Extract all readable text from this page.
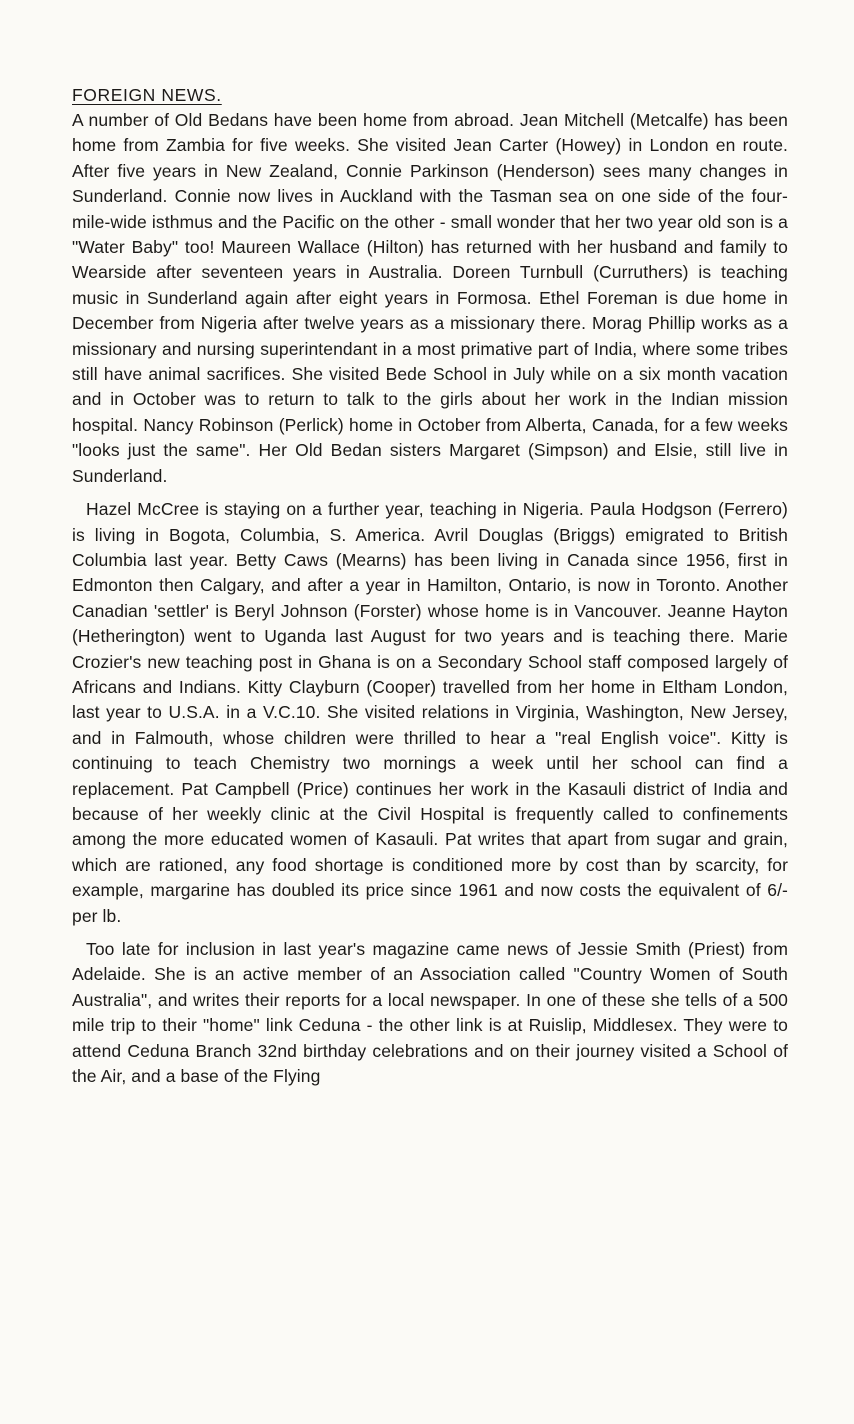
FOREIGN NEWS.

A number of Old Bedans have been home from abroad. Jean Mitchell (Metcalfe) has been home from Zambia for five weeks. She visited Jean Carter (Howey) in London en route. After five years in New Zealand, Connie Parkinson (Henderson) sees many changes in Sunderland. Connie now lives in Auckland with the Tasman sea on one side of the four-mile-wide isthmus and the Pacific on the other - small wonder that her two year old son is a "Water Baby" too! Maureen Wallace (Hilton) has returned with her husband and family to Wearside after seventeen years in Australia. Doreen Turnbull (Curruthers) is teaching music in Sunderland again after eight years in Formosa. Ethel Foreman is due home in December from Nigeria after twelve years as a missionary there. Morag Phillip works as a missionary and nursing superintendant in a most primative part of India, where some tribes still have animal sacrifices. She visited Bede School in July while on a six month vacation and in October was to return to talk to the girls about her work in the Indian mission hospital. Nancy Robinson (Perlick) home in October from Alberta, Canada, for a few weeks "looks just the same". Her Old Bedan sisters Margaret (Simpson) and Elsie, still live in Sunderland.

Hazel McCree is staying on a further year, teaching in Nigeria. Paula Hodgson (Ferrero) is living in Bogota, Columbia, S. America. Avril Douglas (Briggs) emigrated to British Columbia last year. Betty Caws (Mearns) has been living in Canada since 1956, first in Edmonton then Calgary, and after a year in Hamilton, Ontario, is now in Toronto. Another Canadian 'settler' is Beryl Johnson (Forster) whose home is in Vancouver. Jeanne Hayton (Hetherington) went to Uganda last August for two years and is teaching there. Marie Crozier's new teaching post in Ghana is on a Secondary School staff composed largely of Africans and Indians. Kitty Clayburn (Cooper) travelled from her home in Eltham London, last year to U.S.A. in a V.C.10. She visited relations in Virginia, Washington, New Jersey, and in Falmouth, whose children were thrilled to hear a "real English voice". Kitty is continuing to teach Chemistry two mornings a week until her school can find a replacement. Pat Campbell (Price) continues her work in the Kasauli district of India and because of her weekly clinic at the Civil Hospital is frequently called to confinements among the more educated women of Kasauli. Pat writes that apart from sugar and grain, which are rationed, any food shortage is conditioned more by cost than by scarcity, for example, margarine has doubled its price since 1961 and now costs the equivalent of 6/- per lb.

Too late for inclusion in last year's magazine came news of Jessie Smith (Priest) from Adelaide. She is an active member of an Association called "Country Women of South Australia", and writes their reports for a local newspaper. In one of these she tells of a 500 mile trip to their "home" link Ceduna - the other link is at Ruislip, Middlesex. They were to attend Ceduna Branch 32nd birthday celebrations and on their journey visited a School of the Air, and a base of the Flying
